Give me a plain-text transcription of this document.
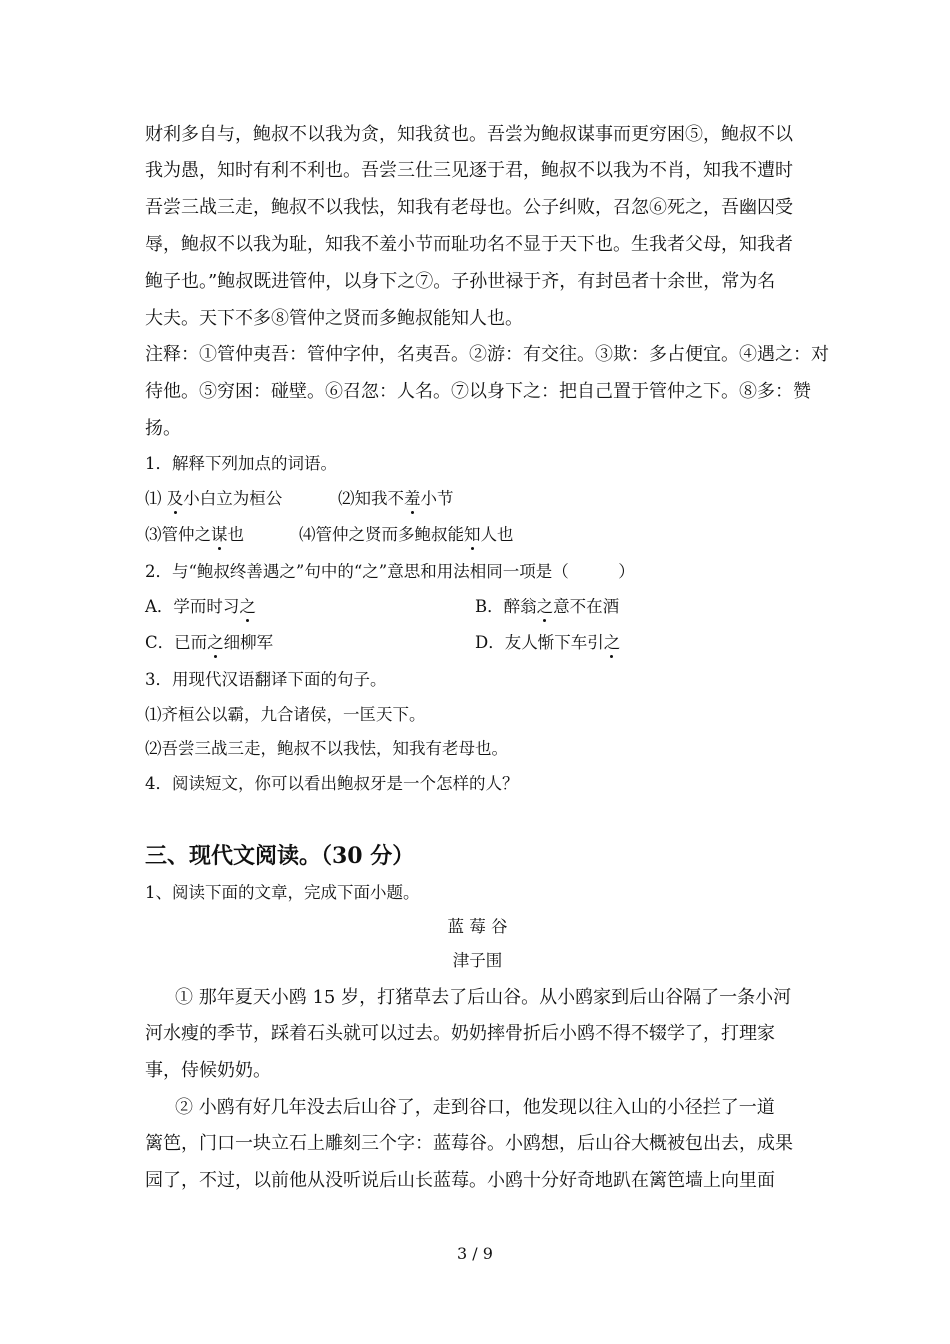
财利多自与，鲍叔不以我为贪，知我贫也。吾尝为鲍叔谋事而更穷困⑤，鲍叔不以
我为愚，知时有利不利也。吾尝三仕三见逐于君，鲍叔不以我为不肖，知我不遭时
吾尝三战三走，鲍叔不以我怯，知我有老母也。公子纠败，召忽⑥死之，吾幽囚受
辱，鲍叔不以我为耻，知我不羞小节而耻功名不显于天下也。生我者父母，知我者
鲍子也。”鲍叔既进管仲，以身下之⑦。子孙世禄于齐，有封邑者十余世，常为名
大夫。天下不多⑧管仲之贤而多鲍叔能知人也。
注释：①管仲夷吾：管仲字仲，名夷吾。②游：有交往。③欺：多占便宜。④遇之：对
待他。⑤穷困：碰壁。⑥召忽：人名。⑦以身下之：把自己置于管仲之下。⑧多：赞
扬。
1．解释下列加点的词语。
⑴ 及小白立为桓公	⑵知我不羞小节
⑶管仲之谋也	⑷管仲之贤而多鲍叔能知人也
2．与“鲍叔终善遇之”句中的“之”意思和用法相同一项是（　　　）
A．学而时习之	B．醉翁之意不在酒
C．已而之细柳军	D．友人惭下车引之
3．用现代汉语翻译下面的句子。
⑴齐桓公以霸，九合诸侯，一匡天下。
⑵吾尝三战三走，鲍叔不以我怯，知我有老母也。
4．阅读短文，你可以看出鲍叔牙是一个怎样的人？
三、现代文阅读。（30 分）
1、阅读下面的文章，完成下面小题。
蓝 莓 谷
津子围
① 那年夏天小鸥 15 岁，打猪草去了后山谷。从小鸥家到后山谷隔了一条小河
河水瘦的季节，踩着石头就可以过去。奶奶摔骨折后小鸥不得不辍学了，打理家
事，侍候奶奶。
② 小鸥有好几年没去后山谷了，走到谷口，他发现以往入山的小径拦了一道
篱笆，门口一块立石上雕刻三个字：蓝莓谷。小鸥想，后山谷大概被包出去，成果
园了，不过，以前他从没听说后山长蓝莓。小鸥十分好奇地趴在篱笆墙上向里面
3 / 9
